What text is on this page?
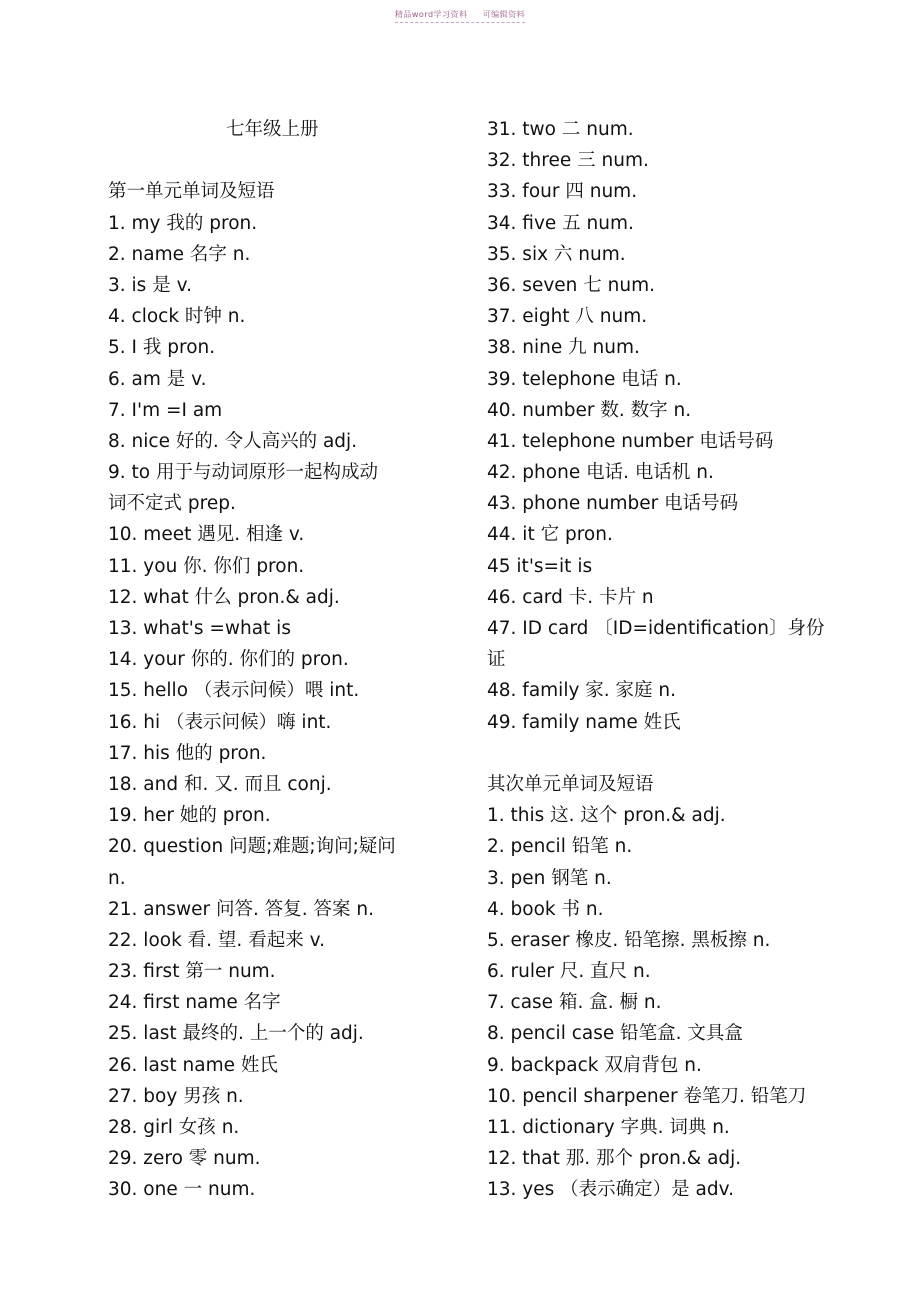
精品word学习资料 可编辑资料
七年级上册
第一单元单词及短语
1. my 我的 pron.
2. name 名字 n.
3. is 是 v.
4. clock 时钟 n.
5. I 我 pron.
6. am 是 v.
7. I'm =I am
8. nice 好的. 令人高兴的 adj.
9. to 用于与动词原形一起构成动
词不定式 prep.
10. meet 遇见. 相逢 v.
11. you 你. 你们 pron.
12. what 什么 pron.& adj.
13. what's =what is
14. your 你的. 你们的 pron.
15. hello （表示问候）喂 int.
16. hi （表示问候）嗨 int.
17. his 他的 pron.
18. and 和. 又. 而且 conj.
19. her 她的 pron.
20. question 问题;难题;询问;疑问
n.
21. answer 问答. 答复. 答案 n.
22. look 看. 望. 看起来 v.
23. first 第一 num.
24. first name 名字
25. last 最终的. 上一个的 adj.
26. last name 姓氏
27. boy 男孩 n.
28. girl 女孩 n.
29. zero 零 num.
30. one 一 num.
31. two 二 num.
32. three 三 num.
33. four 四 num.
34. five 五 num.
35. six 六 num.
36. seven 七 num.
37. eight 八 num.
38. nine 九 num.
39. telephone 电话 n.
40. number 数. 数字 n.
41. telephone number 电话号码
42. phone 电话. 电话机 n.
43. phone number 电话号码
44. it 它 pron.
45 it's=it is
46. card 卡. 卡片 n
47. ID card 〔ID=identification〕身份
证
48. family 家. 家庭 n.
49. family name 姓氏
其次单元单词及短语
1. this 这. 这个 pron.& adj.
2. pencil 铅笔 n.
3. pen 钢笔 n.
4. book 书 n.
5. eraser 橡皮. 铅笔擦. 黑板擦 n.
6. ruler 尺. 直尺 n.
7. case 箱. 盒. 橱 n.
8. pencil case 铅笔盒. 文具盒
9. backpack 双肩背包 n.
10. pencil sharpener 卷笔刀. 铅笔刀
11. dictionary 字典. 词典 n.
12. that 那. 那个 pron.& adj.
13. yes （表示确定）是 adv.
